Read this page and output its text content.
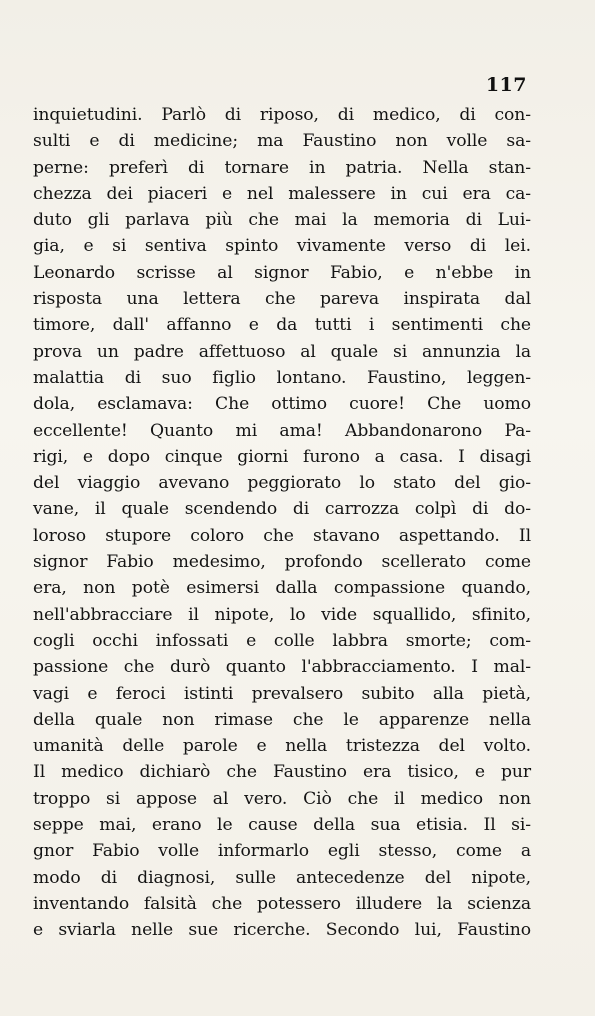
117
inquietudini. Parlò di riposo, di medico, di con-
sulti e di medicine; ma Faustino non volle sa-
perne: preferì di tornare in patria. Nella stan-
chezza dei piaceri e nel malessere in cui era ca-
duto gli parlava più che mai la memoria di Lui-
gia, e si sentiva spinto vivamente verso di lei.
Leonardo scrisse al signor Fabio, e n'ebbe in
risposta una lettera che pareva inspirata dal
timore, dall' affanno e da tutti i sentimenti che
prova un padre affettuoso al quale si annunzia la
malattia di suo figlio lontano. Faustino, leggen-
dola, esclamava: Che ottimo cuore! Che uomo
eccellente! Quanto mi ama! Abbandonarono Pa-
rigi, e dopo cinque giorni furono a casa. I disagi
del viaggio avevano peggiorato lo stato del gio-
vane, il quale scendendo di carrozza colpì di do-
loroso stupore coloro che stavano aspettando. Il
signor Fabio medesimo, profondo scellerato come
era, non potè esimersi dalla compassione quando,
nell'abbracciare il nipote, lo vide squallido, sfinito,
cogli occhi infossati e colle labbra smorte; com-
passione che durò quanto l'abbracciamento. I mal-
vagi e feroci istinti prevalsero subito alla pietà,
della quale non rimase che le apparenze nella
umanità delle parole e nella tristezza del volto.
Il medico dichiarò che Faustino era tisico, e pur
troppo si appose al vero. Ciò che il medico non
seppe mai, erano le cause della sua etisia. Il si-
gnor Fabio volle informarlo egli stesso, come a
modo di diagnosi, sulle antecedenze del nipote,
inventando falsità che potessero illudere la scienza
e sviarla nelle sue ricerche. Secondo lui, Faustino
